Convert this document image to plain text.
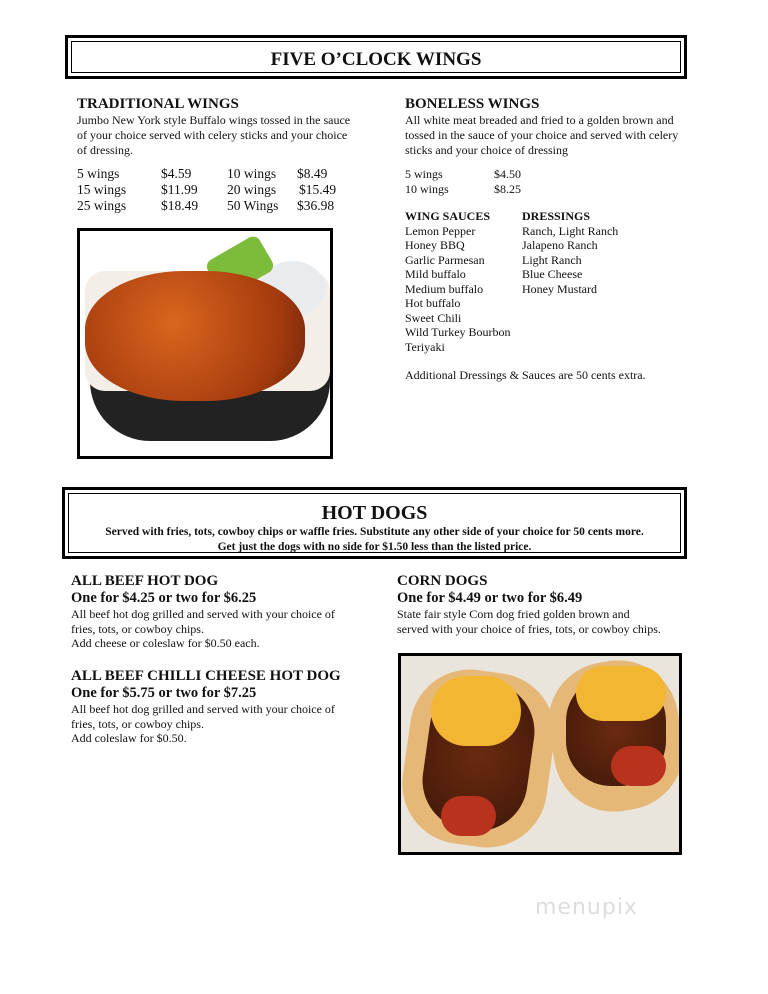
FIVE O’CLOCK WINGS
TRADITIONAL WINGS

Jumbo New York style Buffalo wings tossed in the sauce of your choice served with celery sticks and your choice of dressing.

5 wings	$4.59	10 wings	$8.49
15 wings	$11.99	20 wings	$15.49
25 wings	$18.49	50 Wings	$36.98
BONELESS WINGS

All white meat breaded and fried to a golden brown and tossed in the sauce of your choice and served with celery sticks and your choice of dressing

5 wings	$4.50
10 wings	$8.25
WING SAUCES
Lemon Pepper
Honey BBQ
Garlic Parmesan
Mild buffalo
Medium buffalo
Hot buffalo
Sweet Chili
Wild Turkey Bourbon
Teriyaki
DRESSINGS
Ranch, Light Ranch
Jalapeno Ranch
Light Ranch
Blue Cheese
Honey Mustard

Additional Dressings & Sauces are 50 cents extra.

HOT DOGS
Served with fries, tots, cowboy chips or waffle fries. Substitute any other side of your choice for 50 cents more.
Get just the dogs with no side for $1.50 less than the listed price.
ALL BEEF HOT DOG
One for $4.25 or two for $6.25
All beef hot dog grilled and served with your choice of
fries, tots, or cowboy chips.
Add cheese or coleslaw for $0.50 each.
ALL BEEF CHILLI CHEESE HOT DOG
One for $5.75 or two for $7.25
All beef hot dog grilled and served with your choice of
fries, tots, or cowboy chips.
Add coleslaw for $0.50.
CORN DOGS
One for $4.49 or two for $6.49
State fair style Corn dog fried golden brown and
served with your choice of fries, tots, or cowboy chips.
menupix
